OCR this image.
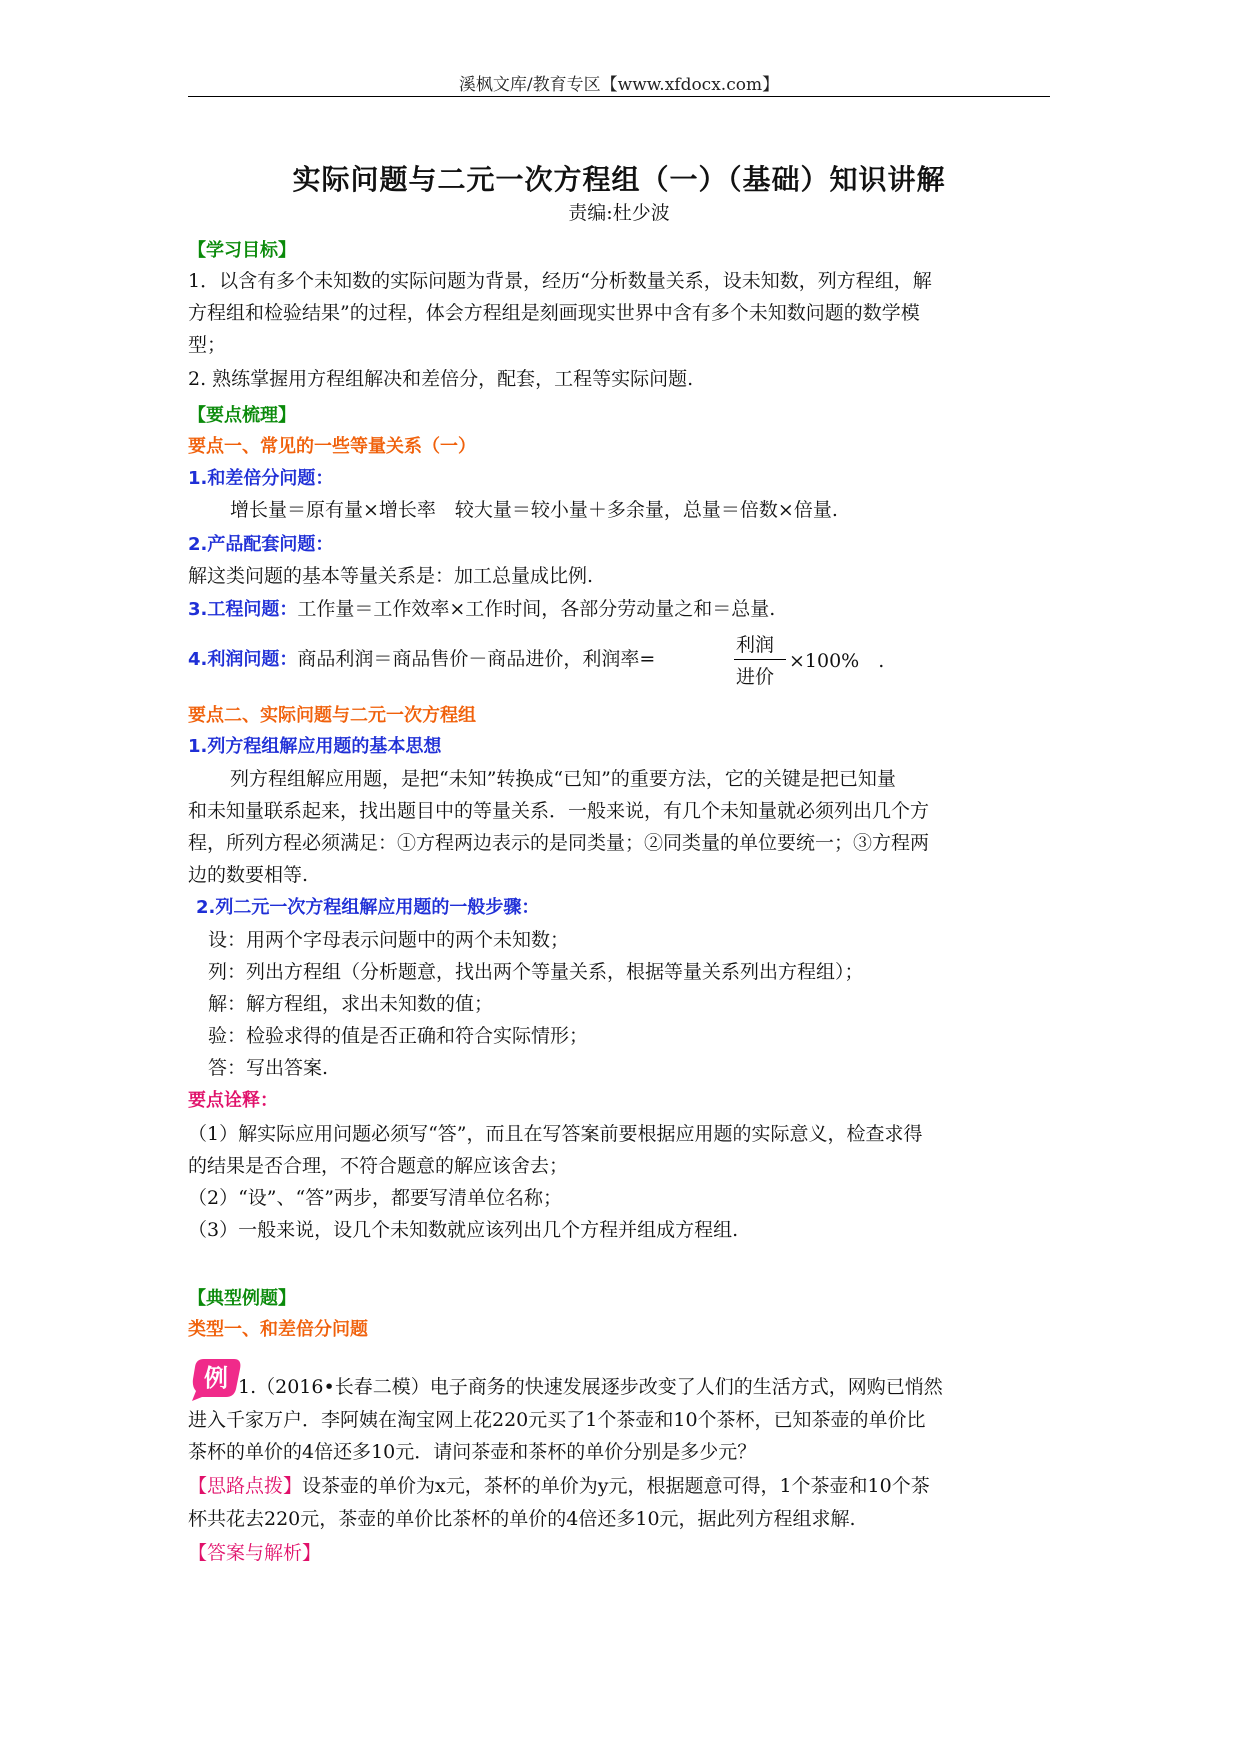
溪枫文库/教育专区【www.xfdocx.com】
实际问题与二元一次方程组（一）（基础）知识讲解
责编:杜少波
【学习目标】
1．以含有多个未知数的实际问题为背景，经历“分析数量关系，设未知数，列方程组，解
方程组和检验结果”的过程，体会方程组是刻画现实世界中含有多个未知数问题的数学模
型；
2. 熟练掌握用方程组解决和差倍分，配套，工程等实际问题.
【要点梳理】
要点一、常见的一些等量关系（一）
1.和差倍分问题：
增长量＝原有量×增长率　较大量＝较小量＋多余量，总量＝倍数×倍量.
2.产品配套问题：
解这类问题的基本等量关系是：加工总量成比例.
3.工程问题：工作量＝工作效率×工作时间，各部分劳动量之和＝总量.
4.利润问题：商品利润＝商品售价－商品进价，利润率=
利润
进价
×100%　.
要点二、实际问题与二元一次方程组
1.列方程组解应用题的基本思想
列方程组解应用题，是把“未知”转换成“已知”的重要方法，它的关键是把已知量
和未知量联系起来，找出题目中的等量关系．一般来说，有几个未知量就必须列出几个方
程，所列方程必须满足：①方程两边表示的是同类量；②同类量的单位要统一；③方程两
边的数要相等.
2.列二元一次方程组解应用题的一般步骤：
设：用两个字母表示问题中的两个未知数；
列：列出方程组（分析题意，找出两个等量关系，根据等量关系列出方程组）；
解：解方程组，求出未知数的值；
验：检验求得的值是否正确和符合实际情形；
答：写出答案.
要点诠释：
（1）解实际应用问题必须写“答”，而且在写答案前要根据应用题的实际意义，检查求得
的结果是否合理，不符合题意的解应该舍去；
（2）“设”、“答”两步，都要写清单位名称；
（3）一般来说，设几个未知数就应该列出几个方程并组成方程组.
【典型例题】
类型一、和差倍分问题
例 1.（2016•长春二模）电子商务的快速发展逐步改变了人们的生活方式，网购已悄然
进入千家万户．李阿姨在淘宝网上花220元买了1个茶壶和10个茶杯，已知茶壶的单价比
茶杯的单价的4倍还多10元．请问茶壶和茶杯的单价分别是多少元？
【思路点拨】设茶壶的单价为x元，茶杯的单价为y元，根据题意可得，1个茶壶和10个茶
杯共花去220元，茶壶的单价比茶杯的单价的4倍还多10元，据此列方程组求解.
【答案与解析】
